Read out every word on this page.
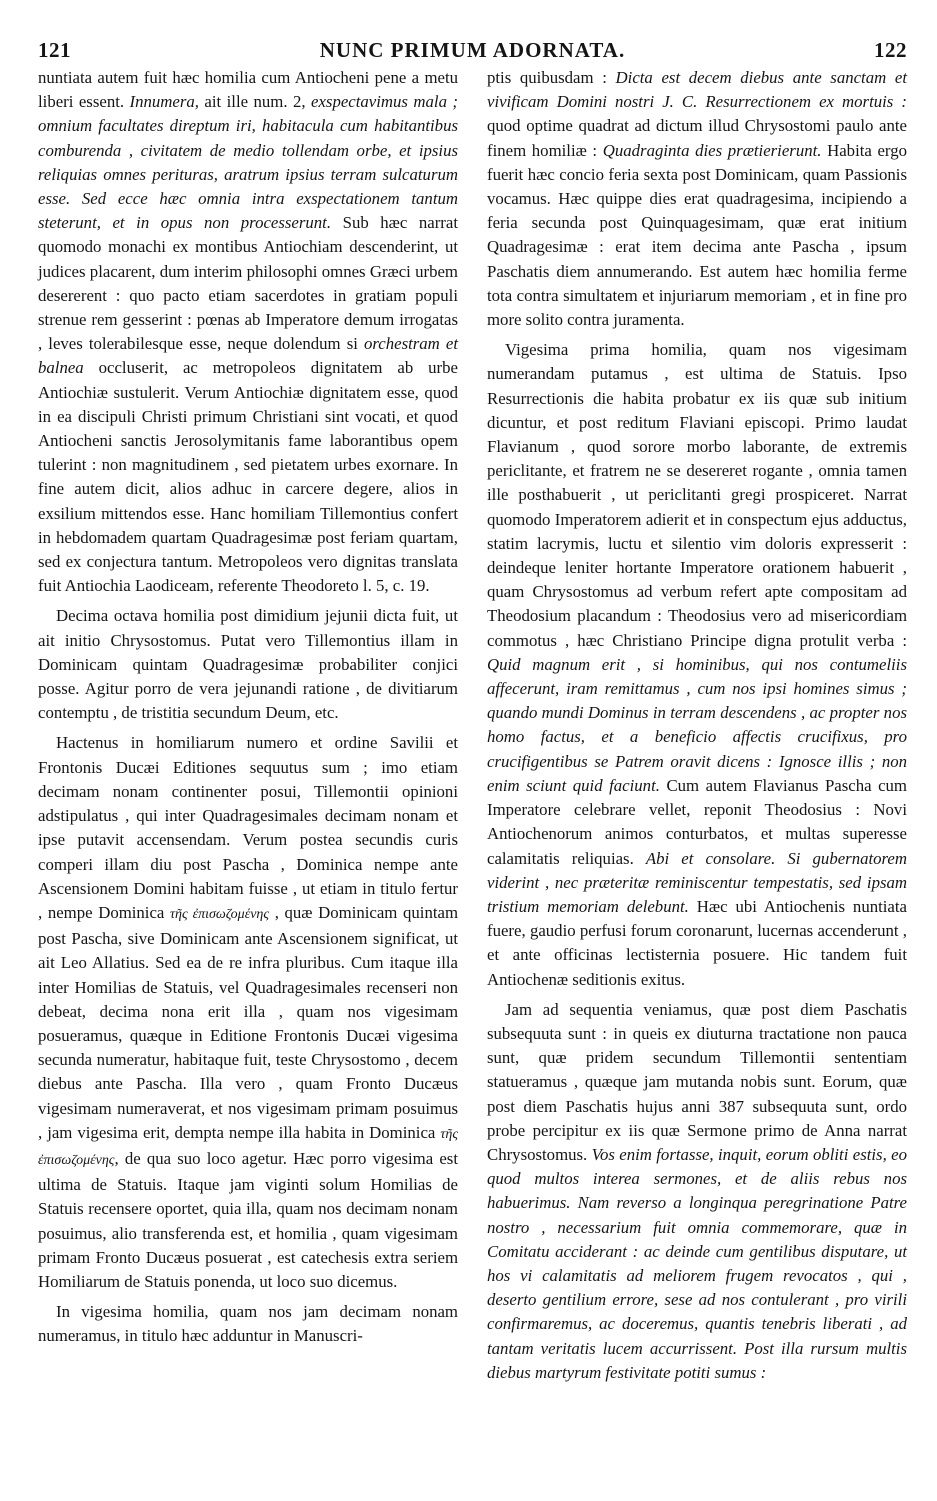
121	NUNC PRIMUM ADORNATA.	122

nuntiata autem fuit hæc homilia cum Antiocheni pene a metu liberi essent. Innumera, ait ille num. 2, exspectavimus mala ; omnium facultates direptum iri, habitacula cum habitantibus comburenda , civitatem de medio tollendam orbe, et ipsius reliquias omnes perituras, aratrum ipsius terram sulcaturum esse. Sed ecce hæc omnia intra exspectationem tantum steterunt, et in opus non processerunt. Sub hæc narrat quomodo monachi ex montibus Antiochiam descenderint, ut judices placarent, dum interim philosophi omnes Græci urbem desererent : quo pacto etiam sacerdotes in gratiam populi strenue rem gesserint : pœnas ab Imperatore demum irrogatas , leves tolerabilesque esse, neque dolendum si orchestram et balnea occluserit, ac metropoleos dignitatem ab urbe Antiochiæ sustulerit. Verum Antiochiæ dignitatem esse, quod in ea discipuli Christi primum Christiani sint vocati, et quod Antiocheni sanctis Jerosolymitanis fame laborantibus opem tulerint : non magnitudinem , sed pietatem urbes exornare. In fine autem dicit, alios adhuc in carcere degere, alios in exsilium mittendos esse. Hanc homiliam Tillemontius confert in hebdomadem quartam Quadragesimæ post feriam quartam, sed ex conjectura tantum. Metropoleos vero dignitas translata fuit Antiochia Laodiceam, referente Theodoreto l. 5, c. 19.

Decima octava homilia post dimidium jejunii dicta fuit, ut ait initio Chrysostomus. Putat vero Tillemontius illam in Dominicam quintam Quadragesimæ probabiliter conjici posse. Agitur porro de vera jejunandi ratione , de divitiarum contemptu , de tristitia secundum Deum, etc.

Hactenus in homiliarum numero et ordine Savilii et Frontonis Ducæi Editiones sequutus sum ; imo etiam decimam nonam continenter posui, Tillemontii opinioni adstipulatus , qui inter Quadragesimales decimam nonam et ipse putavit accensendam. Verum postea secundis curis comperi illam diu post Pascha , Dominica nempe ante Ascensionem Domini habitam fuisse , ut etiam in titulo fertur , nempe Dominica τῆς ἐπισωζομένης , quæ Dominicam quintam post Pascha, sive Dominicam ante Ascensionem significat, ut ait Leo Allatius. Sed ea de re infra pluribus. Cum itaque illa inter Homilias de Statuis, vel Quadragesimales recenseri non debeat, decima nona erit illa , quam nos vigesimam posueramus, quæque in Editione Frontonis Ducæi vigesima secunda numeratur, habitaque fuit, teste Chrysostomo , decem diebus ante Pascha. Illa vero , quam Fronto Ducæus vigesimam numeraverat, et nos vigesimam primam posuimus , jam vigesima erit, dempta nempe illa habita in Dominica τῆς ἐπισωζομένης, de qua suo loco agetur. Hæc porro vigesima est ultima de Statuis. Itaque jam viginti solum Homilias de Statuis recensere oportet, quia illa, quam nos decimam nonam posuimus, alio transferenda est, et homilia , quam vigesimam primam Fronto Ducæus posuerat , est catechesis extra seriem Homiliarum de Statuis ponenda, ut loco suo dicemus.

In vigesima homilia, quam nos jam decimam nonam numeramus, in titulo hæc adduntur in Manuscri-

ptis quibusdam : Dicta est decem diebus ante sanctam et vivificam Domini nostri J. C. Resurrectionem ex mortuis : quod optime quadrat ad dictum illud Chrysostomi paulo ante finem homiliæ : Quadraginta dies prætierierunt. Habita ergo fuerit hæc concio feria sexta post Dominicam, quam Passionis vocamus. Hæc quippe dies erat quadragesima, incipiendo a feria secunda post Quinquagesimam, quæ erat initium Quadragesimæ : erat item decima ante Pascha , ipsum Paschatis diem annumerando. Est autem hæc homilia ferme tota contra simultatem et injuriarum memoriam , et in fine pro more solito contra juramenta.

Vigesima prima homilia, quam nos vigesimam numerandam putamus , est ultima de Statuis. Ipso Resurrectionis die habita probatur ex iis quæ sub initium dicuntur, et post reditum Flaviani episcopi. Primo laudat Flavianum , quod sorore morbo laborante, de extremis periclitante, et fratrem ne se desereret rogante , omnia tamen ille posthabuerit , ut periclitanti gregi prospiceret. Narrat quomodo Imperatorem adierit et in conspectum ejus adductus, statim lacrymis, luctu et silentio vim doloris expresserit : deindeque leniter hortante Imperatore orationem habuerit , quam Chrysostomus ad verbum refert apte compositam ad Theodosium placandum : Theodosius vero ad misericordiam commotus , hæc Christiano Principe digna protulit verba : Quid magnum erit , si hominibus, qui nos contumeliis affecerunt, iram remittamus , cum nos ipsi homines simus ; quando mundi Dominus in terram descendens , ac propter nos homo factus, et a beneficio affectis crucifixus, pro crucifigentibus se Patrem oravit dicens : Ignosce illis ; non enim sciunt quid faciunt. Cum autem Flavianus Pascha cum Imperatore celebrare vellet, reponit Theodosius : Novi Antiochenorum animos conturbatos, et multas superesse calamitatis reliquias. Abi et consolare. Si gubernatorem viderint , nec præteritæ reminiscentur tempestatis, sed ipsam tristium memoriam delebunt. Hæc ubi Antiochenis nuntiata fuere, gaudio perfusi forum coronarunt, lucernas accenderunt , et ante officinas lectisternia posuere. Hic tandem fuit Antiochenæ seditionis exitus.

Jam ad sequentia veniamus, quæ post diem Paschatis subsequuta sunt : in queis ex diuturna tractatione non pauca sunt, quæ pridem secundum Tillemontii sententiam statueramus , quæque jam mutanda nobis sunt. Eorum, quæ post diem Paschatis hujus anni 387 subsequuta sunt, ordo probe percipitur ex iis quæ Sermone primo de Anna narrat Chrysostomus. Vos enim fortasse, inquit, eorum obliti estis, eo quod multos interea sermones, et de aliis rebus nos habuerimus. Nam reverso a longinqua peregrinatione Patre nostro , necessarium fuit omnia commemorare, quæ in Comitatu acciderant : ac deinde cum gentilibus disputare, ut hos vi calamitatis ad meliorem frugem revocatos , qui , deserto gentilium errore, sese ad nos contulerant , pro virili confirmaremus, ac doceremus, quantis tenebris liberati , ad tantam veritatis lucem accurrissent. Post illa rursum multis diebus martyrum festivitate potiti sumus :
